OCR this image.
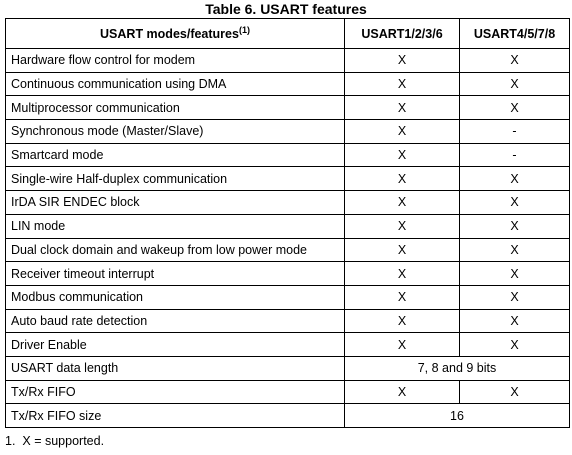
Table 6. USART features
USART modes/features$^{(1)}$	USART1/2/3/6	USART4/5/7/8
Hardware flow control for modem	X	X
Continuous communication using DMA	X	X
Multiprocessor communication	X	X
Synchronous mode (Master/Slave)	X	-
Smartcard mode	X	-
Single-wire Half-duplex communication	X	X
IrDA SIR ENDEC block	X	X
LIN mode	X	X
Dual clock domain and wakeup from low power mode	X	X
Receiver timeout interrupt	X	X
Modbus communication	X	X
Auto baud rate detection	X	X
Driver Enable	X	X
USART data length	7, 8 and 9 bits	
Tx/Rx FIFO	X	X
Tx/Rx FIFO size	16	
1. X = supported.
